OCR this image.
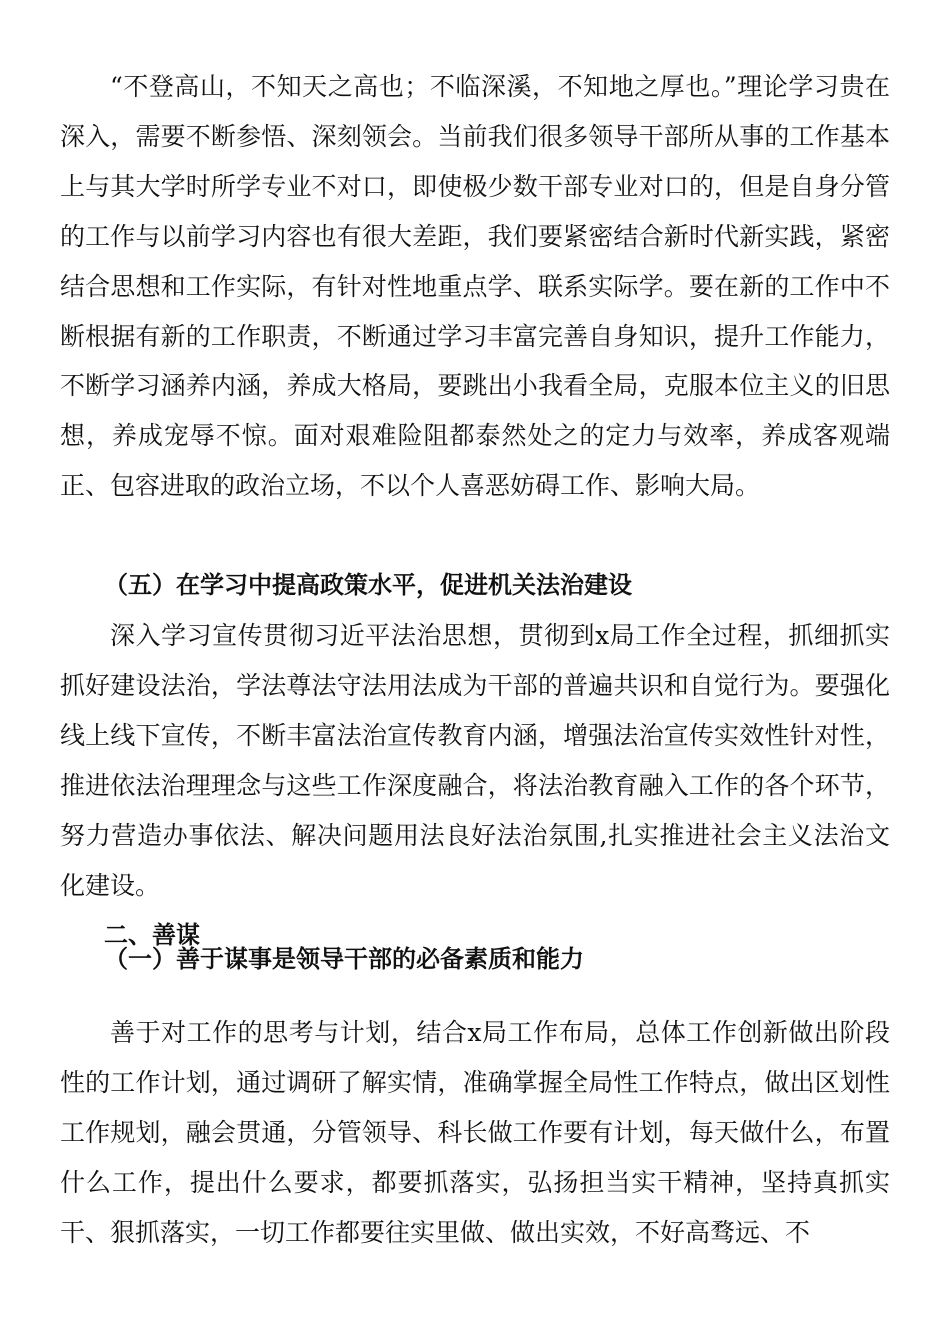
“不登高山，不知天之高也；不临深溪，不知地之厚也。”理论学习贵在深入，需要不断参悟、深刻领会。当前我们很多领导干部所从事的工作基本上与其大学时所学专业不对口，即使极少数干部专业对口的，但是自身分管的工作与以前学习内容也有很大差距，我们要紧密结合新时代新实践，紧密结合思想和工作实际，有针对性地重点学、联系实际学。要在新的工作中不断根据有新的工作职责，不断通过学习丰富完善自身知识，提升工作能力，不断学习涵养内涵，养成大格局，要跳出小我看全局，克服本位主义的旧思想，养成宠辱不惊。面对艰难险阻都泰然处之的定力与效率，养成客观端正、包容进取的政治立场，不以个人喜恶妨碍工作、影响大局。

（五）在学习中提高政策水平，促进机关法治建设

深入学习宣传贯彻习近平法治思想，贯彻到x局工作全过程，抓细抓实抓好建设法治，学法尊法守法用法成为干部的普遍共识和自觉行为。要强化线上线下宣传，不断丰富法治宣传教育内涵，增强法治宣传实效性针对性，推进依法治理理念与这些工作深度融合，将法治教育融入工作的各个环节，努力营造办事依法、解决问题用法良好法治氛围,扎实推进社会主义法治文化建设。

二、善谋

（一）善于谋事是领导干部的必备素质和能力

善于对工作的思考与计划，结合x局工作布局，总体工作创新做出阶段性的工作计划，通过调研了解实情，准确掌握全局性工作特点，做出区划性工作规划，融会贯通，分管领导、科长做工作要有计划，每天做什么，布置什么工作，提出什么要求，都要抓落实，弘扬担当实干精神，坚持真抓实干、狠抓落实，一切工作都要往实里做、做出实效，不好高骛远、不
